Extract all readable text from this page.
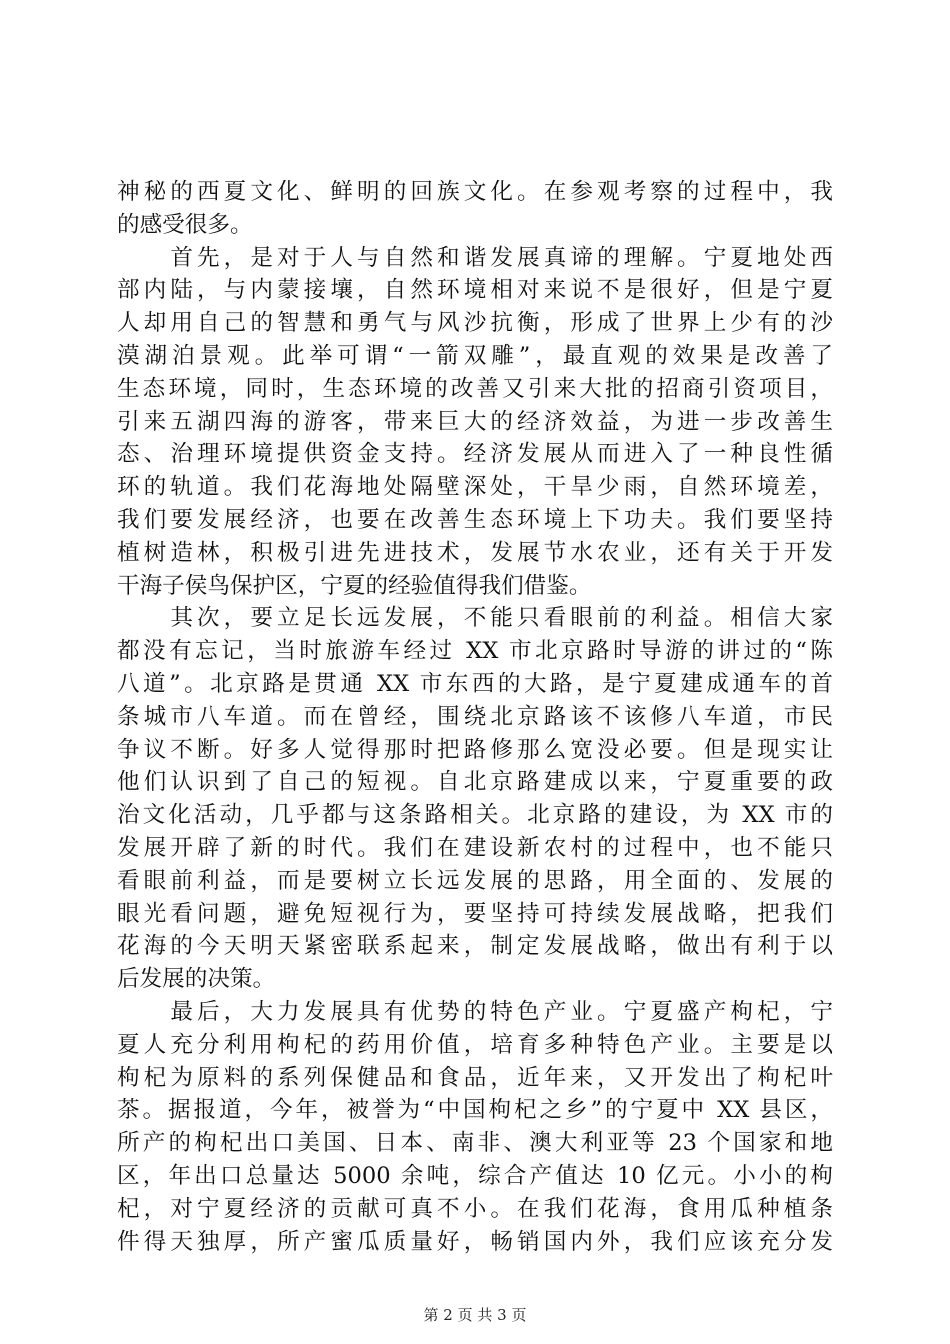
神秘的西夏文化、鲜明的回族文化。在参观考察的过程中，我
的感受很多。
　　首先，是对于人与自然和谐发展真谛的理解。宁夏地处西
部内陆，与内蒙接壤，自然环境相对来说不是很好，但是宁夏
人却用自己的智慧和勇气与风沙抗衡，形成了世界上少有的沙
漠湖泊景观。此举可谓“一箭双雕”，最直观的效果是改善了
生态环境，同时，生态环境的改善又引来大批的招商引资项目，
引来五湖四海的游客，带来巨大的经济效益，为进一步改善生
态、治理环境提供资金支持。经济发展从而进入了一种良性循
环的轨道。我们花海地处隔壁深处，干旱少雨，自然环境差，
我们要发展经济，也要在改善生态环境上下功夫。我们要坚持
植树造林，积极引进先进技术，发展节水农业，还有关于开发
干海子侯鸟保护区，宁夏的经验值得我们借鉴。
　　其次，要立足长远发展，不能只看眼前的利益。相信大家
都没有忘记，当时旅游车经过 XX 市北京路时导游的讲过的“陈
八道”。北京路是贯通 XX 市东西的大路，是宁夏建成通车的首
条城市八车道。而在曾经，围绕北京路该不该修八车道，市民
争议不断。好多人觉得那时把路修那么宽没必要。但是现实让
他们认识到了自己的短视。自北京路建成以来，宁夏重要的政
治文化活动，几乎都与这条路相关。北京路的建设，为 XX 市的
发展开辟了新的时代。我们在建设新农村的过程中，也不能只
看眼前利益，而是要树立长远发展的思路，用全面的、发展的
眼光看问题，避免短视行为，要坚持可持续发展战略，把我们
花海的今天明天紧密联系起来，制定发展战略，做出有利于以
后发展的决策。
　　最后，大力发展具有优势的特色产业。宁夏盛产枸杞，宁
夏人充分利用枸杞的药用价值，培育多种特色产业。主要是以
枸杞为原料的系列保健品和食品，近年来，又开发出了枸杞叶
茶。据报道，今年，被誉为“中国枸杞之乡”的宁夏中 XX 县区，
所产的枸杞出口美国、日本、南非、澳大利亚等 23 个国家和地
区，年出口总量达 5000 余吨，综合产值达 10 亿元。小小的枸
杞，对宁夏经济的贡献可真不小。在我们花海，食用瓜种植条
件得天独厚，所产蜜瓜质量好，畅销国内外，我们应该充分发
第 2 页 共 3 页
